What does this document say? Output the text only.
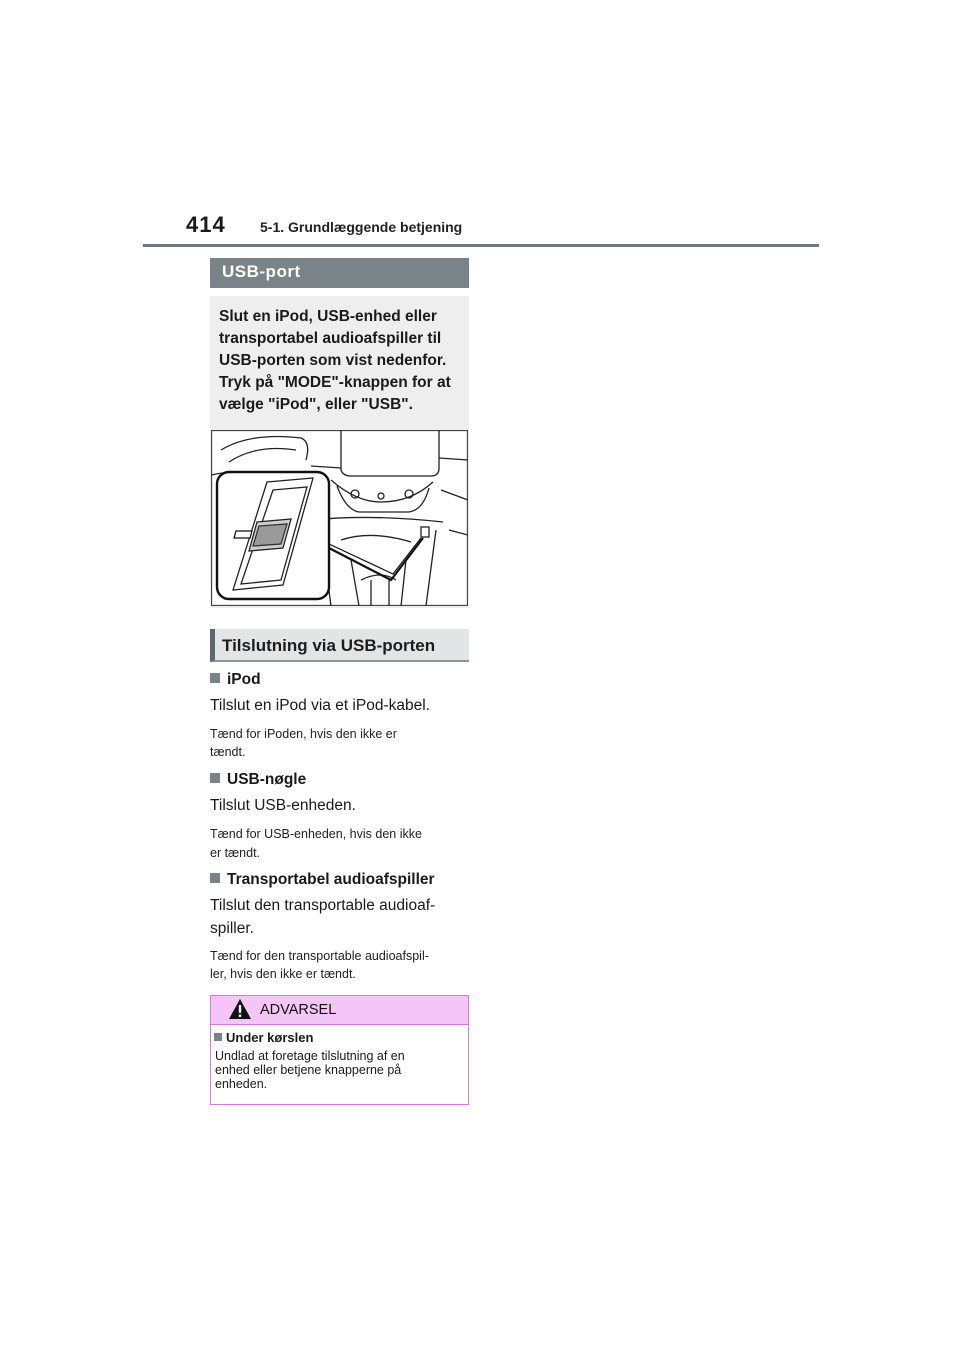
414 5-1. Grundlæggende betjening
USB-port
Slut en iPod, USB-enhed eller
transportabel audioafspiller til
USB-porten som vist nedenfor.
Tryk på "MODE"-knappen for at
vælge "iPod", eller "USB".
Tilslutning via USB-porten
iPod
Tilslut en iPod via et iPod-kabel.
Tænd for iPoden, hvis den ikke er
tændt.
USB-nøgle
Tilslut USB-enheden.
Tænd for USB-enheden, hvis den ikke
er tændt.
Transportabel audioafspiller
Tilslut den transportable audioaf-
spiller.
Tænd for den transportable audioafspil-
ler, hvis den ikke er tændt.
ADVARSEL
Under kørslen
Undlad at foretage tilslutning af en
enhed eller betjene knapperne på
enheden.
